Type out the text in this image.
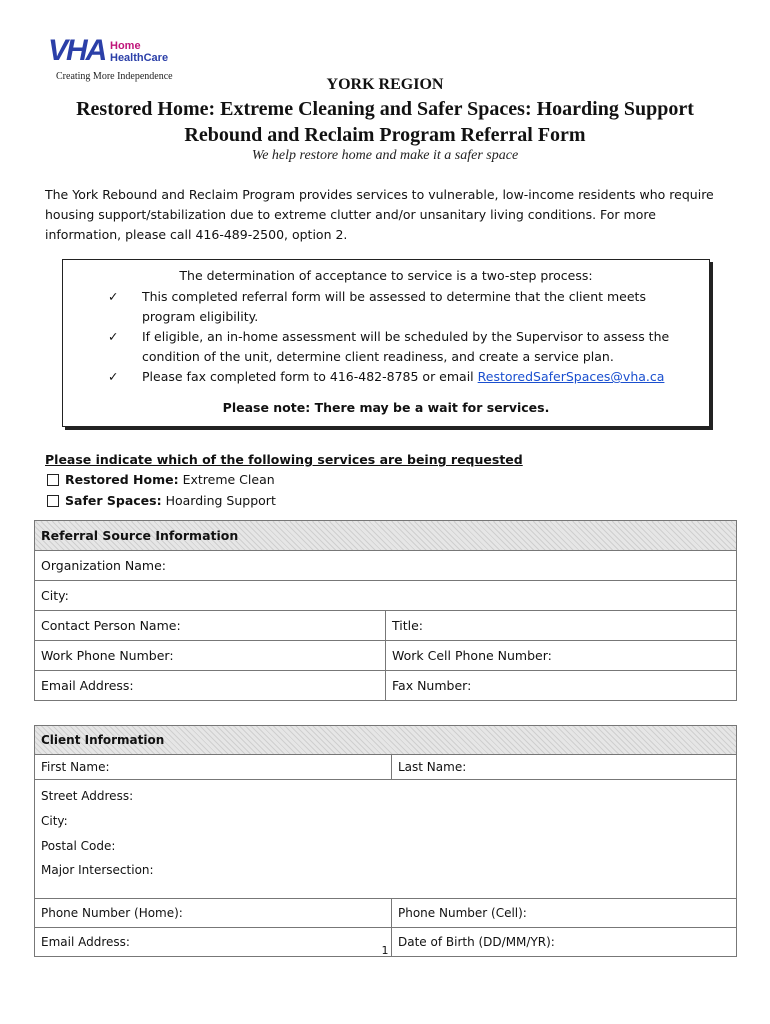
VHA Home
HealthCare
Creating More Independence	YORK REGION
Restored Home: Extreme Cleaning and Safer Spaces: Hoarding Support
Rebound and Reclaim Program Referral Form
We help restore home and make it a safer space
The York Rebound and Reclaim Program provides services to vulnerable, low-income residents who require housing support/stabilization due to extreme clutter and/or unsanitary living conditions. For more information, please call 416-489-2500, option 2.
The determination of acceptance to service is a two-step process:
✓	This completed referral form will be assessed to determine that the client meets program eligibility.
✓	If eligible, an in-home assessment will be scheduled by the Supervisor to assess the condition of the unit, determine client readiness, and create a service plan.
✓	Please fax completed form to 416-482-8785 or email RestoredSaferSpaces@vha.ca
Please note: There may be a wait for services.
Please indicate which of the following services are being requested
Restored Home: Extreme Clean
Safer Spaces: Hoarding Support
Referral Source Information	
Organization Name:	
City:	
Contact Person Name:	Title:
Work Phone Number:	Work Cell Phone Number:
Email Address:	Fax Number:
Client Information	
First Name:	Last Name:

Street Address:
City:
Postal Code:
Major Intersection:	

Phone Number (Home):	Phone Number (Cell):
Email Address:	Date of Birth (DD/MM/YR):
1
